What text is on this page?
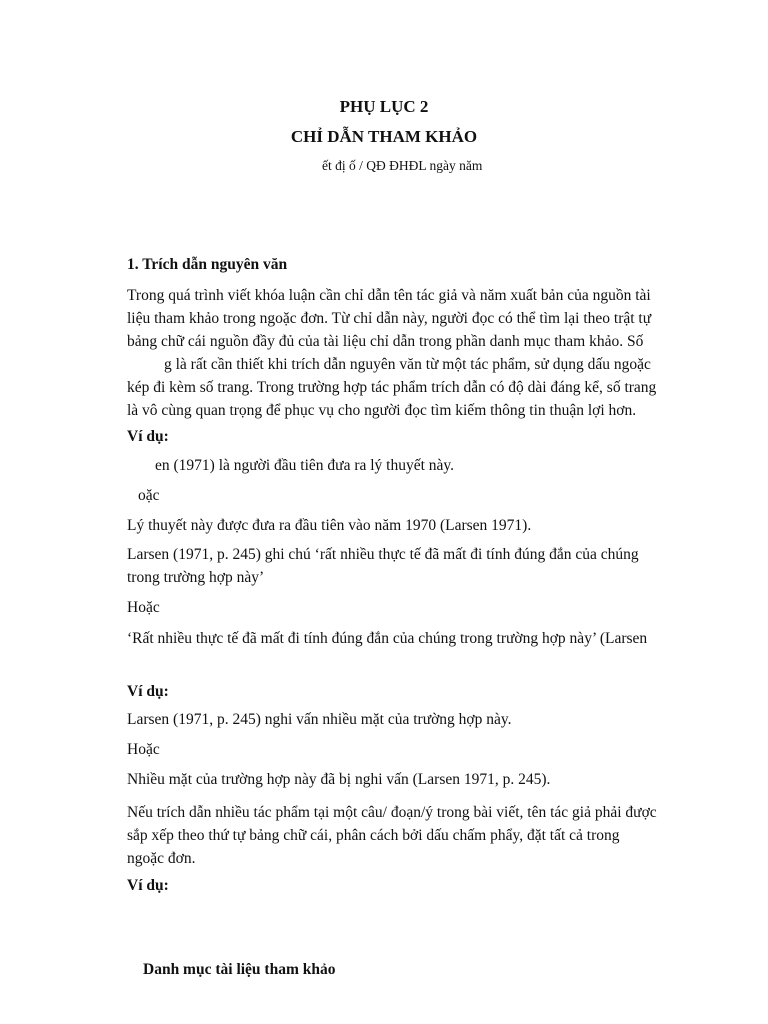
PHỤ LỤC 2
CHỈ DẪN THAM KHẢO
ết đị ố / QĐ ĐHĐL ngày năm
1. Trích dẫn nguyên văn
Trong quá trình viết khóa luận cần chỉ dẫn tên tác giả và năm xuất bản của nguồn tài
liệu tham khảo trong ngoặc đơn. Từ chỉ dẫn này, người đọc có thể tìm lại theo trật tự
bảng chữ cái nguồn đầy đủ của tài liệu chỉ dẫn trong phần danh mục tham khảo. Số
g là rất cần thiết khi trích dẫn nguyên văn từ một tác phẩm, sử dụng dấu ngoặc
kép đi kèm số trang. Trong trường hợp tác phẩm trích dẫn có độ dài đáng kể, số trang
là vô cùng quan trọng để phục vụ cho người đọc tìm kiếm thông tin thuận lợi hơn.
Ví dụ:
en (1971) là người đầu tiên đưa ra lý thuyết này.
oặc
Lý thuyết này được đưa ra đầu tiên vào năm 1970 (Larsen 1971).
Larsen (1971, p. 245) ghi chú ‘rất nhiều thực tế đã mất đi tính đúng đắn của chúng
trong trường hợp này’
Hoặc
‘Rất nhiều thực tế đã mất đi tính đúng đắn của chúng trong trường hợp này’ (Larsen
Ví dụ:
Larsen (1971, p. 245) nghi vấn nhiều mặt của trường hợp này.
Hoặc
Nhiều mặt của trường hợp này đã bị nghi vấn (Larsen 1971, p. 245).
Nếu trích dẫn nhiều tác phẩm tại một câu/ đoạn/ý trong bài viết, tên tác giả phải được
sắp xếp theo thứ tự bảng chữ cái, phân cách bởi dấu chấm phẩy, đặt tất cả trong
ngoặc đơn.
Ví dụ:
Danh mục tài liệu tham khảo
